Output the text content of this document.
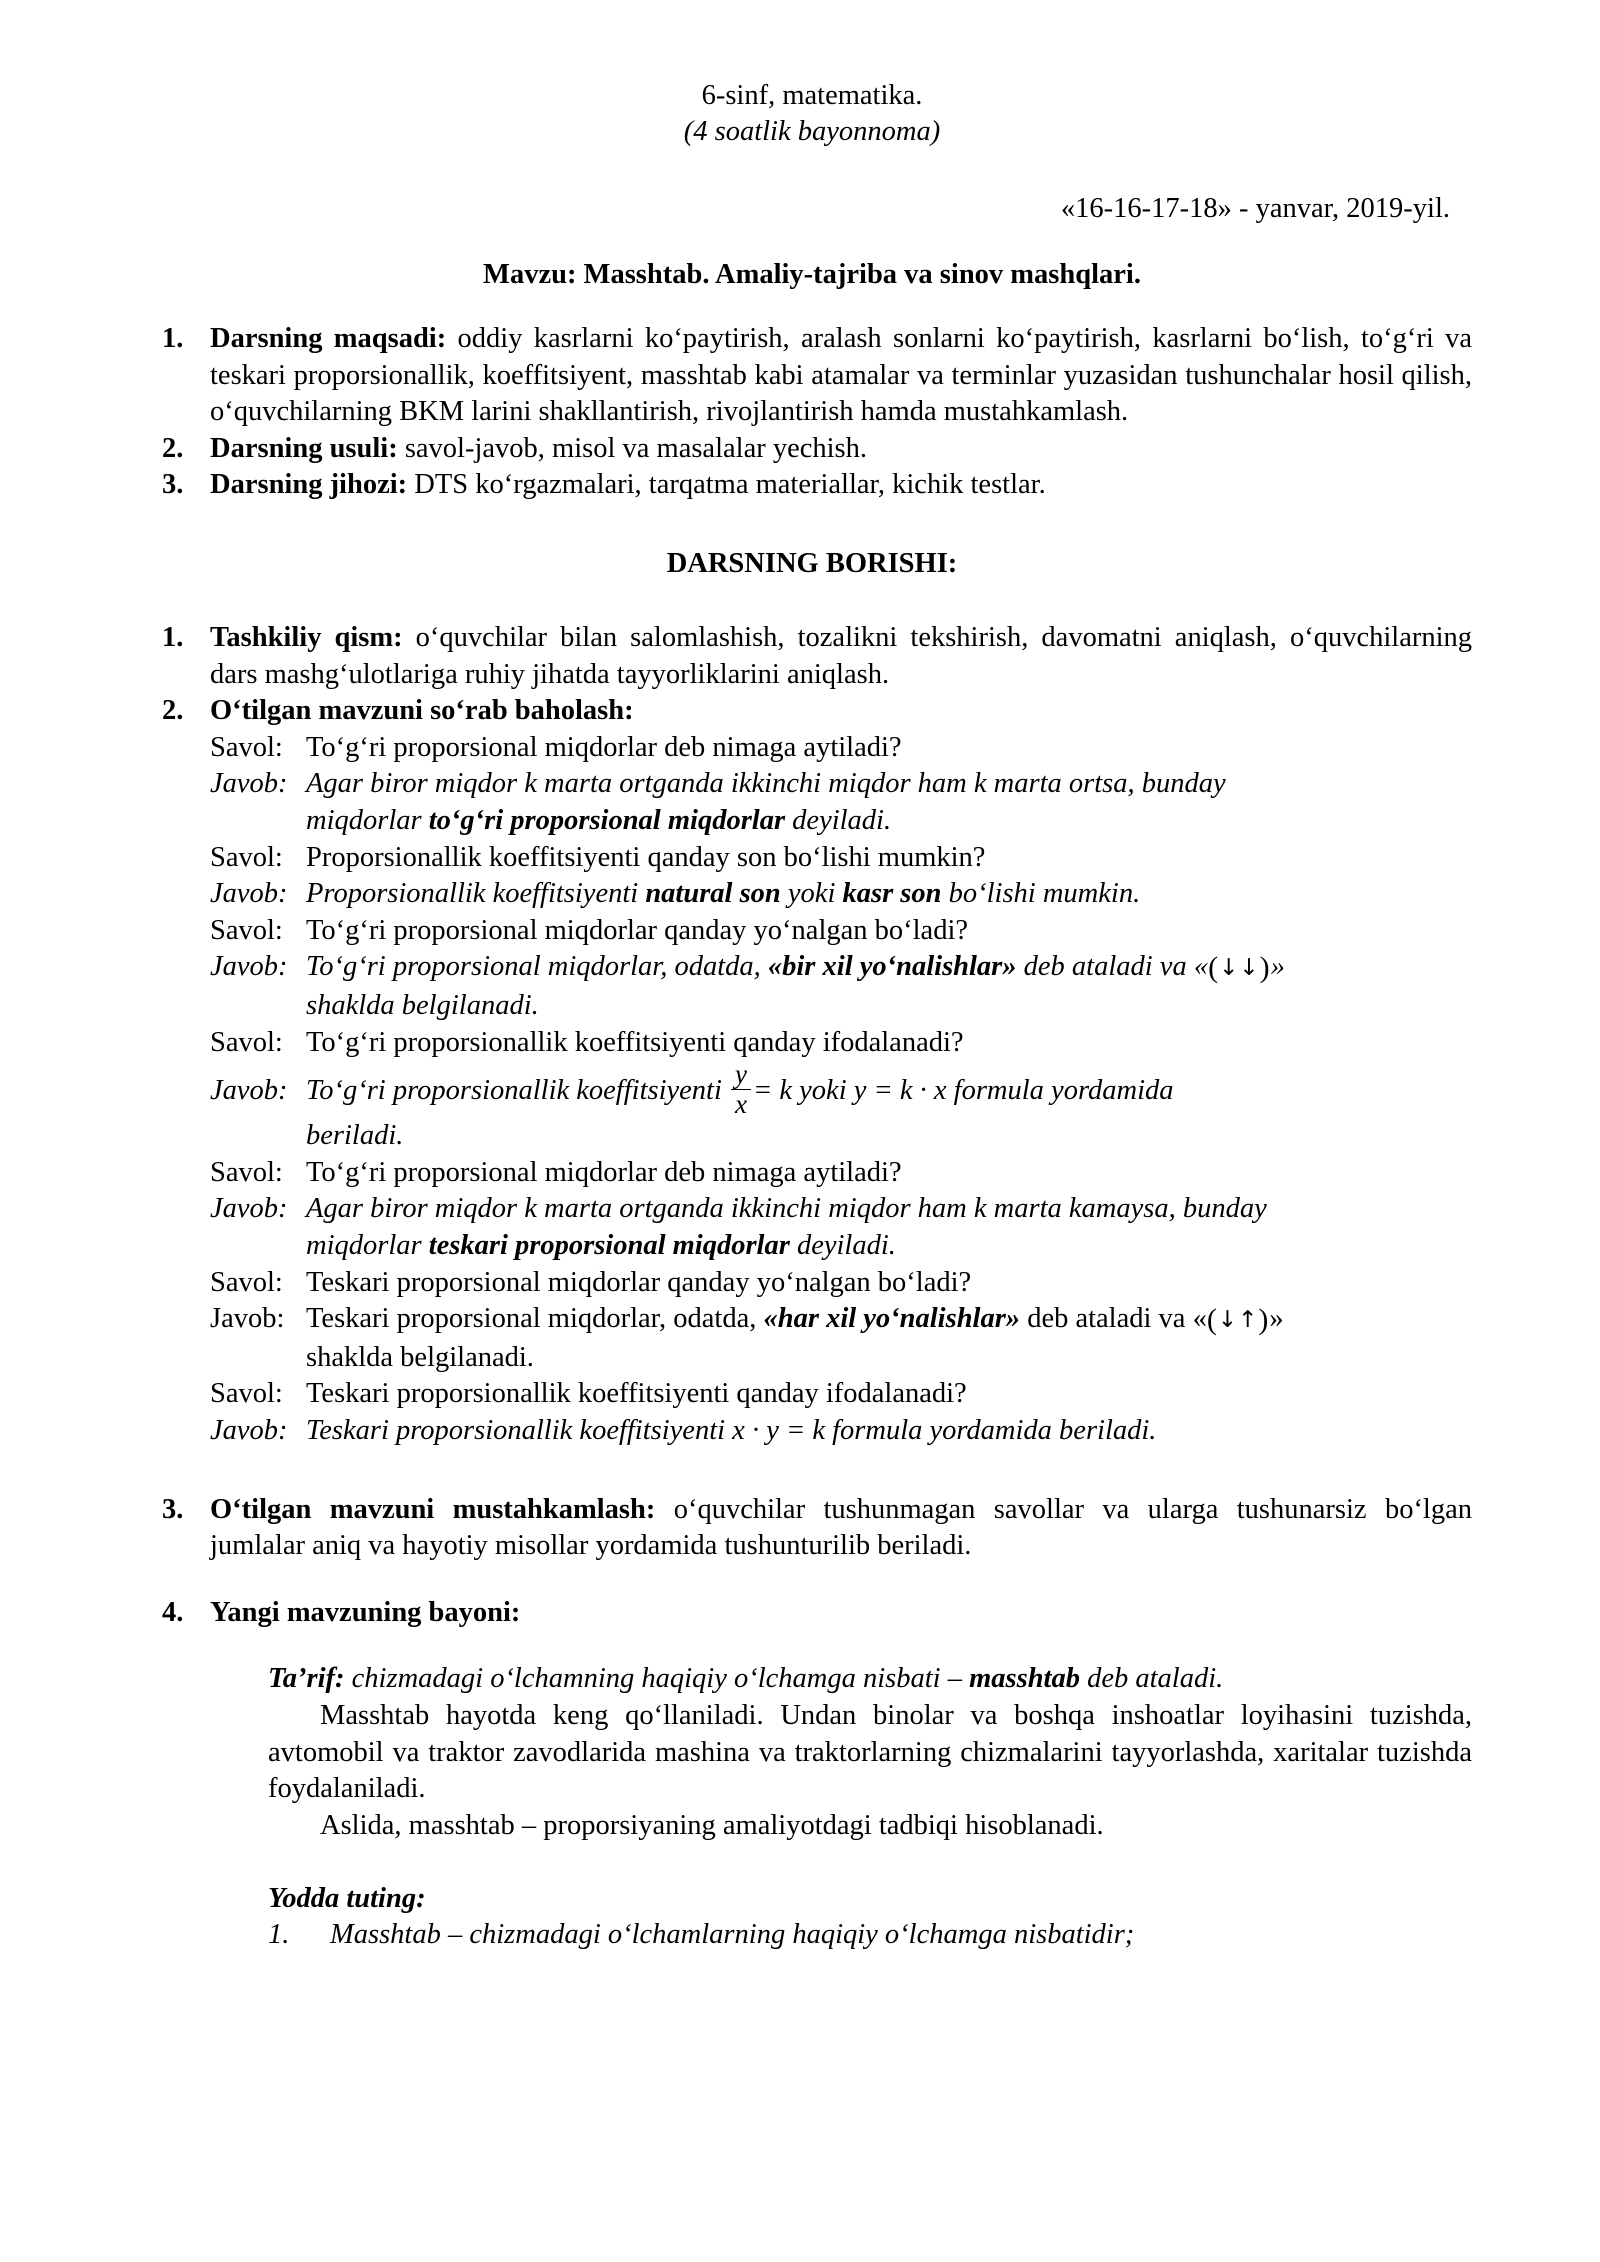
6-sinf, matematika.
(4 soatlik bayonnoma)
«16-16-17-18» - yanvar, 2019-yil.
Mavzu: Masshtab. Amaliy-tajriba va sinov mashqlari.
1. Darsning maqsadi: oddiy kasrlarni ko‘paytirish, aralash sonlarni ko‘paytirish, kasrlarni bo‘lish, to‘g‘ri va teskari proporsionallik, koeffitsiyent, masshtab kabi atamalar va terminlar yuzasidan tushunchalar hosil qilish, o‘quvchilarning BKM larini shakllantirish, rivojlantirish hamda mustahkamlash.
2. Darsning usuli: savol-javob, misol va masalalar yechish.
3. Darsning jihozi: DTS ko‘rgazmalari, tarqatma materiallar, kichik testlar.
DARSNING BORISHI:
1. Tashkiliy qism: o‘quvchilar bilan salomlashish, tozalikni tekshirish, davomatni aniqlash, o‘quvchilarning dars mashg‘ulotlariga ruhiy jihatda tayyorliklarini aniqlash.
2. O‘tilgan mavzuni so‘rab baholash:
Savol: To‘g‘ri proporsional miqdorlar deb nimaga aytiladi?
Javob: Agar biror miqdor k marta ortganda ikkinchi miqdor ham k marta ortsa, bunday
miqdorlar to‘g‘ri proporsional miqdorlar deyiladi.
Savol: Proporsionallik koeffitsiyenti qanday son bo‘lishi mumkin?
Javob: Proporsionallik koeffitsiyenti natural son yoki kasr son bo‘lishi mumkin.
Savol: To‘g‘ri proporsional miqdorlar qanday yo‘nalgan bo‘ladi?
Javob: To‘g‘ri proporsional miqdorlar, odatda, «bir xil yo‘nalishlar» deb ataladi va «(↓↓)»
shaklda belgilanadi.
Savol: To‘g‘ri proporsionallik koeffitsiyenti qanday ifodalanadi?
Javob: To‘g‘ri proporsionallik koeffitsiyenti $\frac{y}{x} = k$ yoki y = k · x formula yordamida
beriladi.
Savol: To‘g‘ri proporsional miqdorlar deb nimaga aytiladi?
Javob: Agar biror miqdor k marta ortganda ikkinchi miqdor ham k marta kamaysa, bunday
miqdorlar teskari proporsional miqdorlar deyiladi.
Savol: Teskari proporsional miqdorlar qanday yo‘nalgan bo‘ladi?
Javob: Teskari proporsional miqdorlar, odatda, «har xil yo‘nalishlar» deb ataladi va «(↓↑)»
shaklda belgilanadi.
Savol: Teskari proporsionallik koeffitsiyenti qanday ifodalanadi?
Javob: Teskari proporsionallik koeffitsiyenti x · y = k formula yordamida beriladi.
3. O‘tilgan mavzuni mustahkamlash: o‘quvchilar tushunmagan savollar va ularga tushunarsiz bo‘lgan jumlalar aniq va hayotiy misollar yordamida tushunturilib beriladi.
4. Yangi mavzuning bayoni:

Ta’rif: chizmadagi o‘lchamning haqiqiy o‘lchamga nisbati – masshtab deb ataladi.

Masshtab hayotda keng qo‘llaniladi. Undan binolar va boshqa inshoatlar loyihasini tuzishda, avtomobil va traktor zavodlarida mashina va traktorlarning chizmalarini tayyorlashda, xaritalar tuzishda foydalaniladi.

Aslida, masshtab – proporsiyaning amaliyotdagi tadbiqi hisoblanadi.

Yodda tuting:
1. Masshtab – chizmadagi o‘lchamlarning haqiqiy o‘lchamga nisbatidir;
